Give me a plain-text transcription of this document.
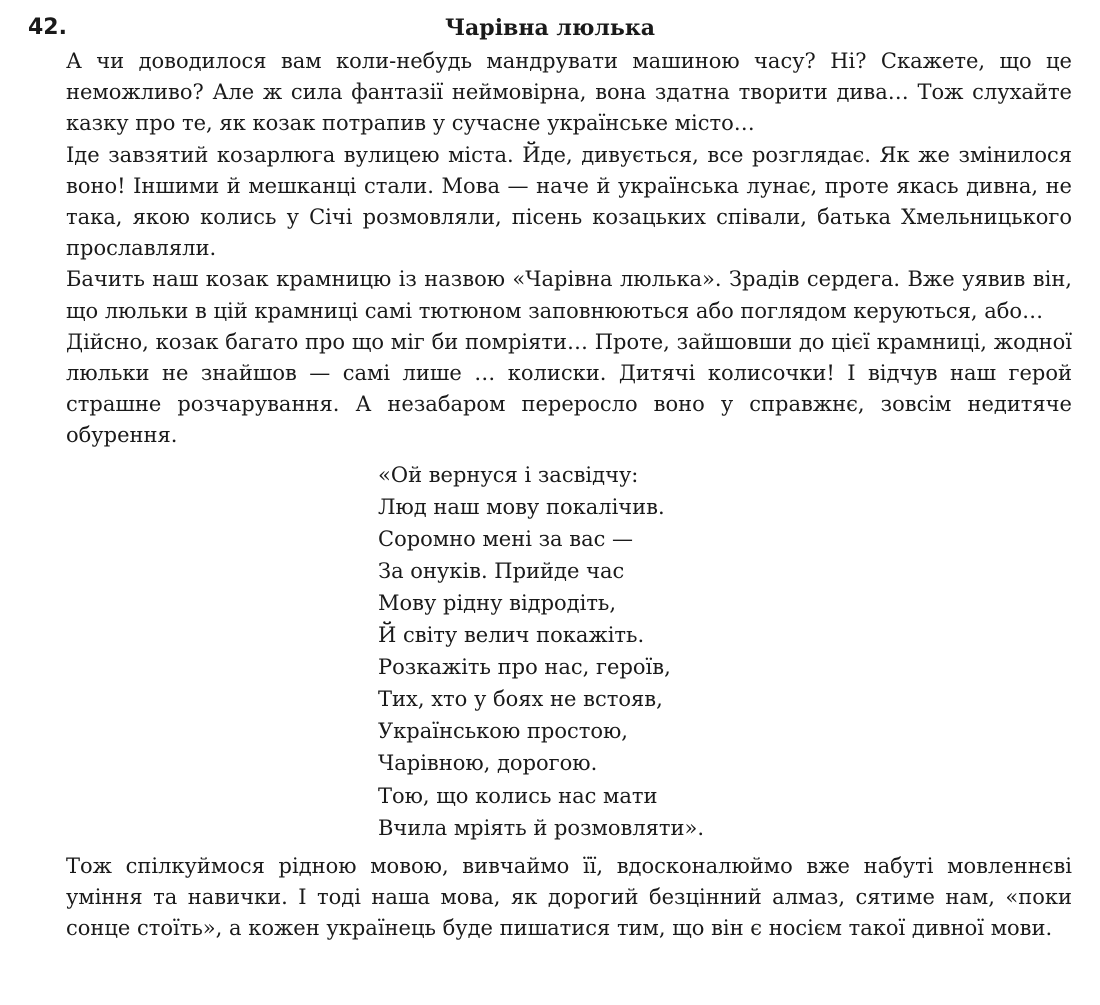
42.	Чарівна люлька

А чи доводилося вам коли-небудь мандрувати машиною часу? Ні? Скажете, що це неможливо? Але ж сила фантазії неймовірна, вона здатна творити дива… Тож слухайте казку про те, як козак потрапив у сучасне українське місто…

Іде завзятий козарлюга вулицею міста. Йде, дивується, все розглядає. Як же змінилося воно! Іншими й мешканці стали. Мова — наче й українська лунає, проте якась дивна, не така, якою колись у Січі розмовляли, пісень козацьких співали, батька Хмельницького прославляли.

Бачить наш козак крамницю із назвою «Чарівна люлька». Зрадів сердега. Вже уявив він, що люльки в цій крамниці самі тютюном заповнюються або поглядом керуються, або…

Дійсно, козак багато про що міг би помріяти… Проте, зайшовши до цієї крамниці, жодної люльки не знайшов — самі лише … колиски. Дитячі колисочки! І відчув наш герой страшне розчарування. А незабаром переросло воно у справжнє, зовсім недитяче обурення.

«Ой вернуся і засвідчу:
Люд наш мову покалічив.
Соромно мені за вас —
За онуків. Прийде час
Мову рідну відродіть,
Й світу велич покажіть.
Розкажіть про нас, героїв,
Тих, хто у боях не встояв,
Українською простою,
Чарівною, дорогою.
Тою, що колись нас мати
Вчила мріять й розмовляти».

Тож спілкуймося рідною мовою, вивчаймо її, вдосконалюймо вже набуті мовленнєві уміння та навички. І тоді наша мова, як дорогий безцінний алмаз, сятиме нам, «поки сонце стоїть», а кожен українець буде пишатися тим, що він є носієм такої дивної мови.
